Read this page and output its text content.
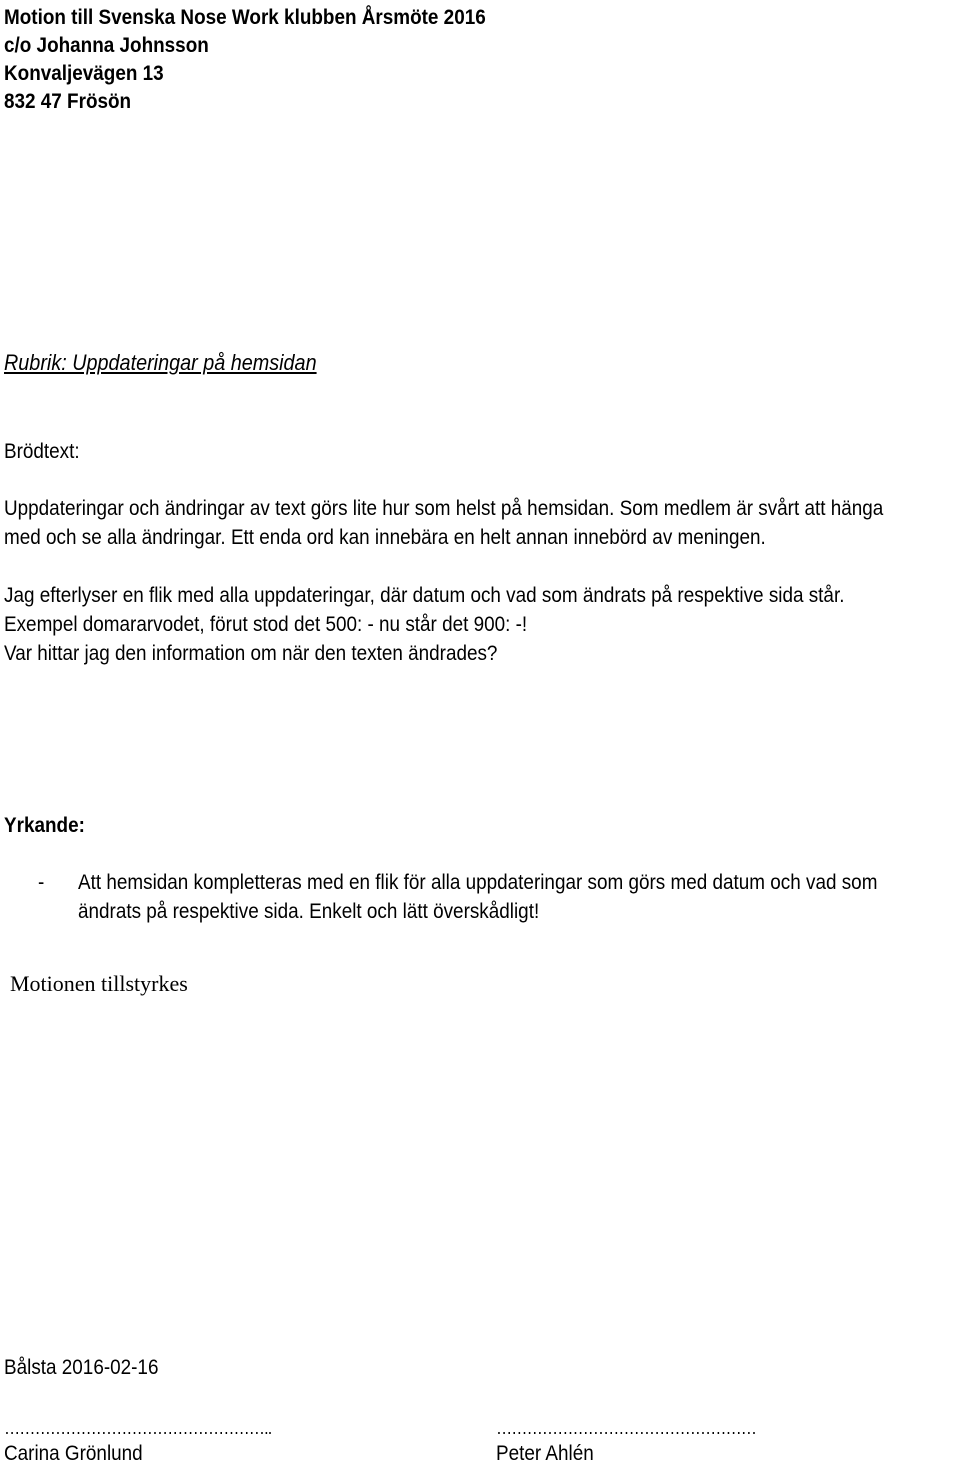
Motion till Svenska Nose Work klubben Årsmöte 2016
c/o Johanna Johnsson
Konvaljevägen 13
832 47 Frösön
Rubrik: Uppdateringar på hemsidan
Brödtext:
Uppdateringar och ändringar av text görs lite hur som helst på hemsidan. Som medlem är svårt att hänga
med och se alla ändringar. Ett enda ord kan innebära en helt annan innebörd av meningen.
Jag efterlyser en flik med alla uppdateringar, där datum och vad som ändrats på respektive sida står.
Exempel domararvodet, förut stod det 500: - nu står det 900: -!
Var hittar jag den information om när den texten ändrades?
Yrkande:
- Att hemsidan kompletteras med en flik för alla uppdateringar som görs med datum och vad som
ändrats på respektive sida. Enkelt och lätt överskådligt!
Motionen tillstyrkes
Bålsta 2016-02-16
……………………………………………..	……………………………………………
Carina Grönlund	Peter Ahlén
